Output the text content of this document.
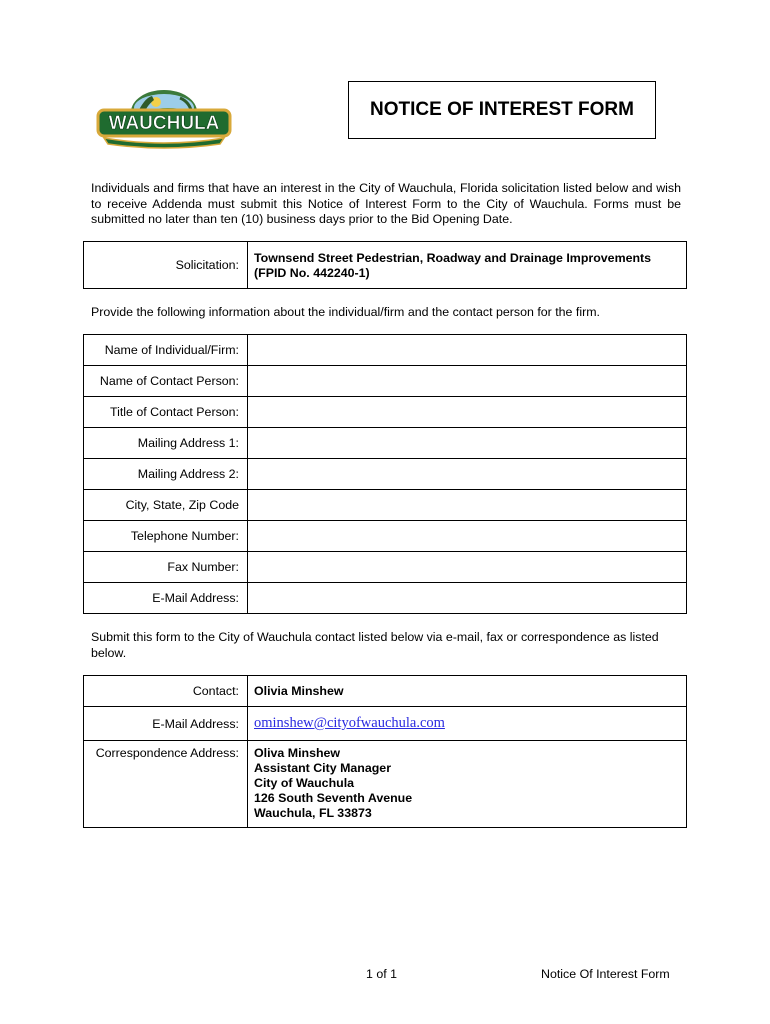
WAUCHULA
NOTICE OF INTEREST FORM
Individuals and firms that have an interest in the City of Wauchula, Florida solicitation listed below and wish to receive Addenda must submit this Notice of Interest Form to the City of Wauchula. Forms must be submitted no later than ten (10) business days prior to the Bid Opening Date.
Solicitation:	
Townsend Street Pedestrian, Roadway and Drainage Improvements
(FPID No. 442240-1)
Provide the following information about the individual/firm and the contact person for the firm.
Name of Individual/Firm:	
Name of Contact Person:	
Title of Contact Person:	
Mailing Address 1:	
Mailing Address 2:	
City, State, Zip Code	
Telephone Number:	
Fax Number:	
E-Mail Address:	
Submit this form to the City of Wauchula contact listed below via e-mail, fax or correspondence as listed below.
Contact:	Olivia Minshew
E-Mail Address:	ominshew@cityofwauchula.com
Correspondence Address:	Oliva Minshew
Assistant City Manager
City of Wauchula
126 South Seventh Avenue
Wauchula, FL 33873
1 of 1	Notice Of Interest Form
